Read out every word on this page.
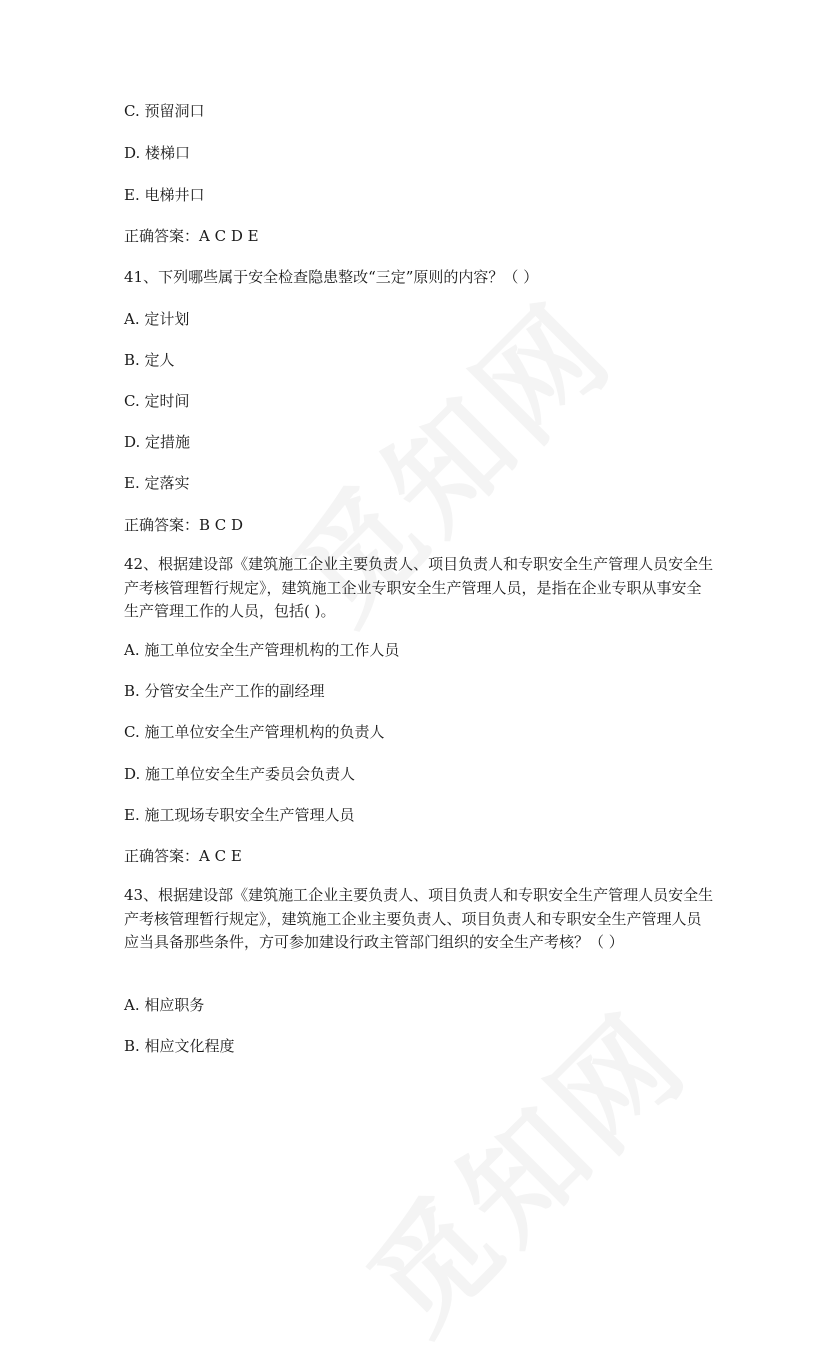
C. 预留洞口
D. 楼梯口
E. 电梯井口
正确答案：A C D E
41、下列哪些属于安全检查隐患整改“三定”原则的内容？（ ）
A. 定计划
B. 定人
C. 定时间
D. 定措施
E. 定落实
正确答案：B C D
42、根据建设部《建筑施工企业主要负责人、项目负责人和专职安全生产管理人员安全生产考核管理暂行规定》，建筑施工企业专职安全生产管理人员，是指在企业专职从事安全生产管理工作的人员，包括( )。
A. 施工单位安全生产管理机构的工作人员
B. 分管安全生产工作的副经理
C. 施工单位安全生产管理机构的负责人
D. 施工单位安全生产委员会负责人
E. 施工现场专职安全生产管理人员
正确答案：A C E
43、根据建设部《建筑施工企业主要负责人、项目负责人和专职安全生产管理人员安全生产考核管理暂行规定》，建筑施工企业主要负责人、项目负责人和专职安全生产管理人员应当具备那些条件，方可参加建设行政主管部门组织的安全生产考核？（ ）
A. 相应职务
B. 相应文化程度
